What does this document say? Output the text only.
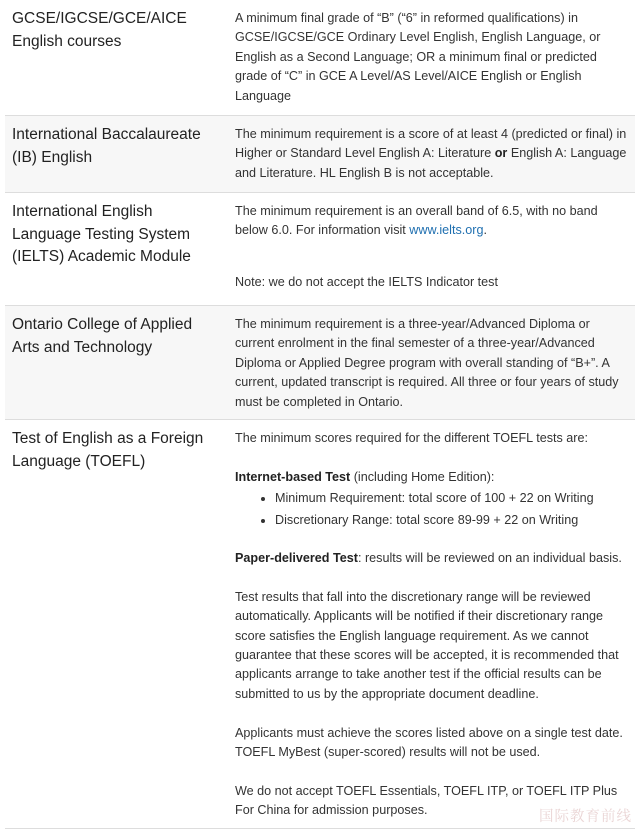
GCSE/IGCSE/GCE/AICE English courses

A minimum final grade of “B” (“6” in reformed qualifications) in GCSE/IGCSE/GCE Ordinary Level English, English Language, or English as a Second Language; OR a minimum final or predicted grade of “C” in GCE A Level/AS Level/AICE English or English Language

International Baccalaureate (IB) English

The minimum requirement is a score of at least 4 (predicted or final) in Higher or Standard Level English A: Literature or English A: Language and Literature. HL English B is not acceptable.

International English Language Testing System (IELTS) Academic Module

The minimum requirement is an overall band of 6.5, with no band below 6.0. For information visit www.ielts.org.

Note: we do not accept the IELTS Indicator test

Ontario College of Applied Arts and Technology

The minimum requirement is a three-year/Advanced Diploma or current enrolment in the final semester of a three-year/Advanced Diploma or Applied Degree program with overall standing of “B+”. A current, updated transcript is required. All three or four years of study must be completed in Ontario.

Test of English as a Foreign Language (TOEFL)

The minimum scores required for the different TOEFL tests are:

Internet-based Test (including Home Edition):

• Minimum Requirement: total score of 100 + 22 on Writing
• Discretionary Range: total score 89-99 + 22 on Writing

Paper-delivered Test: results will be reviewed on an individual basis.

Test results that fall into the discretionary range will be reviewed automatically. Applicants will be notified if their discretionary range score satisfies the English language requirement. As we cannot guarantee that these scores will be accepted, it is recommended that applicants arrange to take another test if the official results can be submitted to us by the appropriate document deadline.

Applicants must achieve the scores listed above on a single test date. TOEFL MyBest (super-scored) results will not be used.

We do not accept TOEFL Essentials, TOEFL ITP, or TOEFL ITP Plus For China for admission purposes.	国际教育前线
